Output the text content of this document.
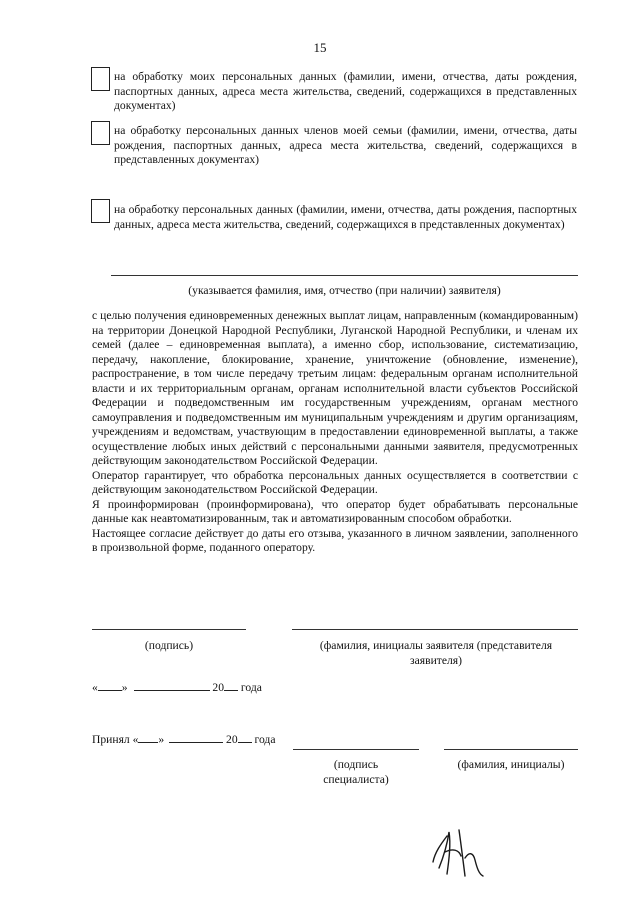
15
на обработку моих персональных данных (фамилии, имени, отчества, даты рождения, паспортных данных, адреса места жительства, сведений, содержащихся в представленных документах)
на обработку персональных данных членов моей семьи (фамилии, имени, отчества, даты рождения, паспортных данных, адреса места жительства, сведений, содержащихся в представленных документах)
на обработку персональных данных (фамилии, имени, отчества, даты рождения, паспортных данных, адреса места жительства, сведений, содержащихся в представленных документах)
(указывается фамилия, имя, отчество (при наличии) заявителя)

с целью получения единовременных денежных выплат лицам, направленным (командированным) на территории Донецкой Народной Республики, Луганской Народной Республики, и членам их семей (далее – единовременная выплата), а именно сбор, использование, систематизацию, передачу, накопление, блокирование, хранение, уничтожение (обновление, изменение), распространение, в том числе передачу третьим лицам: федеральным органам исполнительной власти и их территориальным органам, органам исполнительной власти субъектов Российской Федерации и подведомственным им государственным учреждениям, органам местного самоуправления и подведомственным им муниципальным учреждениям и другим организациям, учреждениям и ведомствам, участвующим в предоставлении единовременной выплаты, а также осуществление любых иных действий с персональными данными заявителя, предусмотренных действующим законодательством Российской Федерации.

Оператор гарантирует, что обработка персональных данных осуществляется в соответствии с действующим законодательством Российской Федерации.

Я проинформирован (проинформирована), что оператор будет обрабатывать персональные данные как неавтоматизированным, так и автоматизированным способом обработки.

Настоящее согласие действует до даты его отзыва, указанного в личном заявлении, заполненного в произвольной форме, поданного оператору.

(подпись)	(фамилия, инициалы заявителя (представителя заявителя)
« »	20 года
Принял « »	20 года
(подпись специалиста)
(фамилия, инициалы)
